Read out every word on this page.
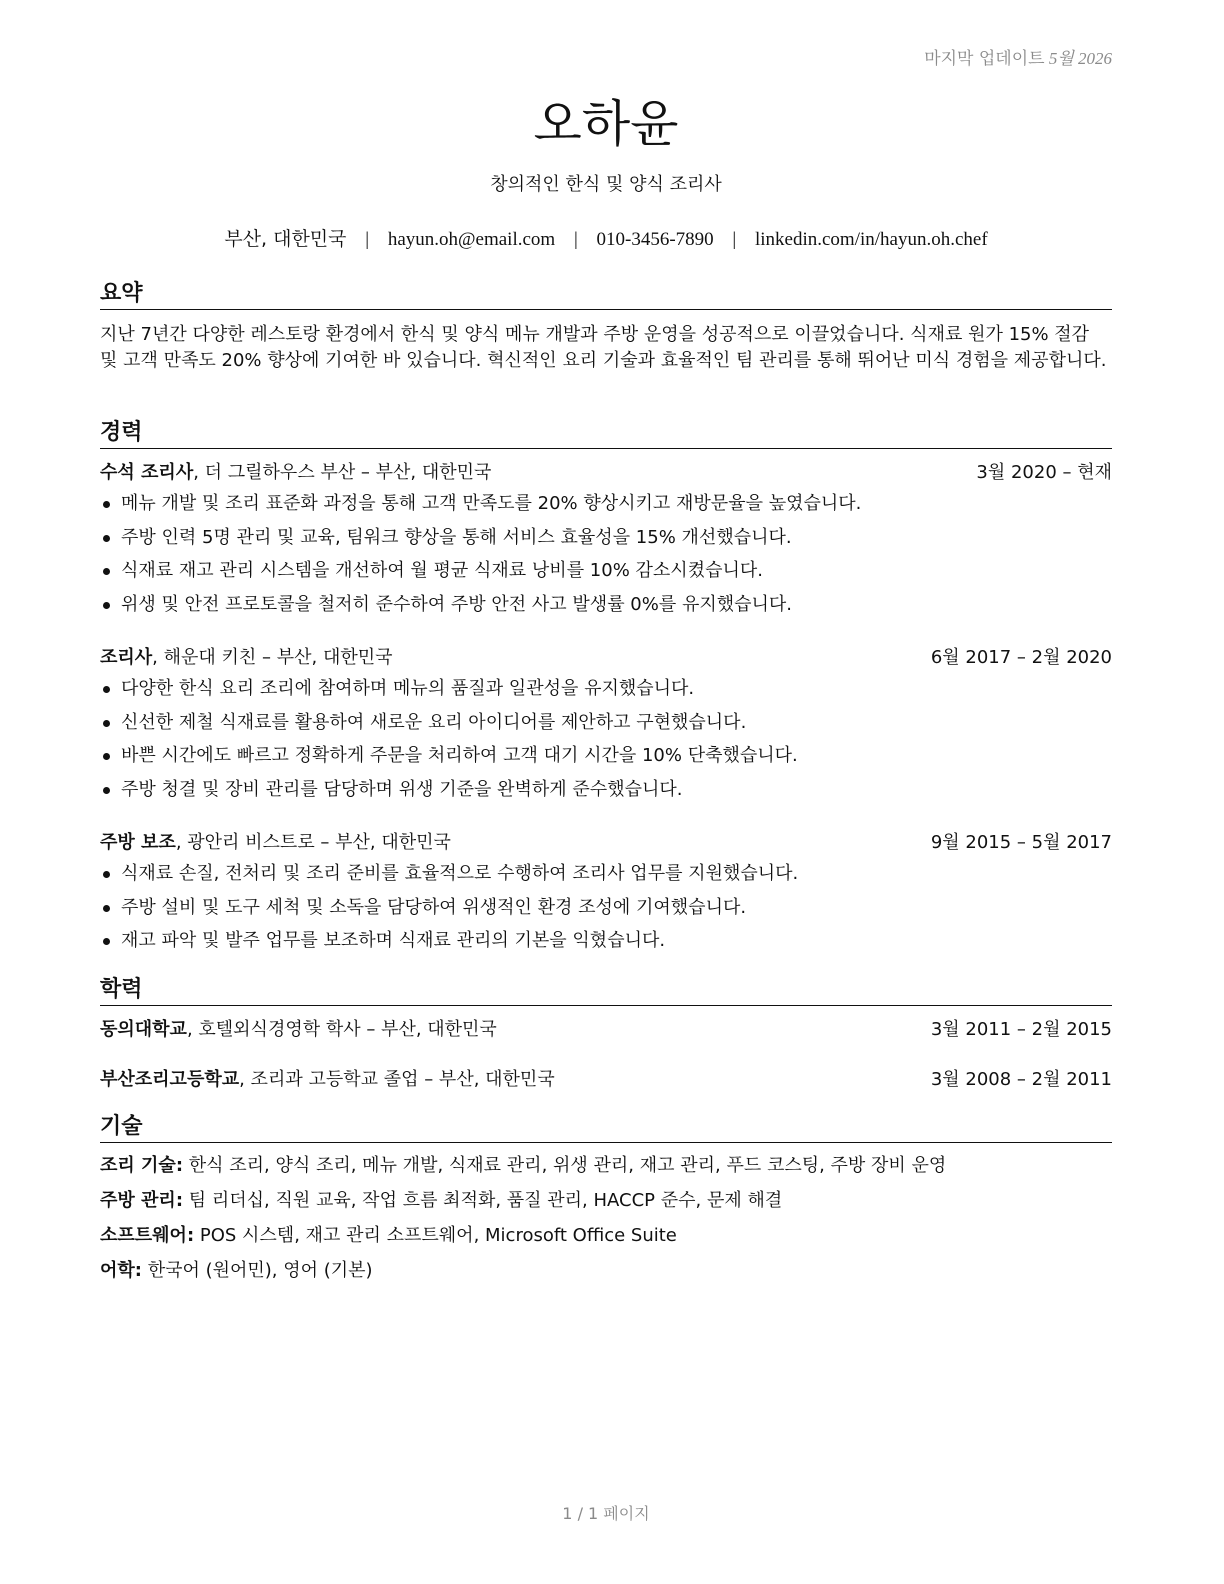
마지막 업데이트 5월 2026
오하윤
창의적인 한식 및 양식 조리사
부산, 대한민국 | hayun.oh@email.com | 010-3456-7890 | linkedin.com/in/hayun.oh.chef
요약
지난 7년간 다양한 레스토랑 환경에서 한식 및 양식 메뉴 개발과 주방 운영을 성공적으로 이끌었습니다. 식재료 원가 15% 절감 및 고객 만족도 20% 향상에 기여한 바 있습니다. 혁신적인 요리 기술과 효율적인 팀 관리를 통해 뛰어난 미식 경험을 제공합니다.
경력
수석 조리사, 더 그릴하우스 부산 – 부산, 대한민국	3월 2020 – 현재
메뉴 개발 및 조리 표준화 과정을 통해 고객 만족도를 20% 향상시키고 재방문율을 높였습니다.
주방 인력 5명 관리 및 교육, 팀워크 향상을 통해 서비스 효율성을 15% 개선했습니다.
식재료 재고 관리 시스템을 개선하여 월 평균 식재료 낭비를 10% 감소시켰습니다.
위생 및 안전 프로토콜을 철저히 준수하여 주방 안전 사고 발생률 0%를 유지했습니다.
조리사, 해운대 키친 – 부산, 대한민국	6월 2017 – 2월 2020
다양한 한식 요리 조리에 참여하며 메뉴의 품질과 일관성을 유지했습니다.
신선한 제철 식재료를 활용하여 새로운 요리 아이디어를 제안하고 구현했습니다.
바쁜 시간에도 빠르고 정확하게 주문을 처리하여 고객 대기 시간을 10% 단축했습니다.
주방 청결 및 장비 관리를 담당하며 위생 기준을 완벽하게 준수했습니다.
주방 보조, 광안리 비스트로 – 부산, 대한민국	9월 2015 – 5월 2017
식재료 손질, 전처리 및 조리 준비를 효율적으로 수행하여 조리사 업무를 지원했습니다.
주방 설비 및 도구 세척 및 소독을 담당하여 위생적인 환경 조성에 기여했습니다.
재고 파악 및 발주 업무를 보조하며 식재료 관리의 기본을 익혔습니다.
학력
동의대학교, 호텔외식경영학 학사 – 부산, 대한민국	3월 2011 – 2월 2015
부산조리고등학교, 조리과 고등학교 졸업 – 부산, 대한민국	3월 2008 – 2월 2011
기술
조리 기술: 한식 조리, 양식 조리, 메뉴 개발, 식재료 관리, 위생 관리, 재고 관리, 푸드 코스팅, 주방 장비 운영
주방 관리: 팀 리더십, 직원 교육, 작업 흐름 최적화, 품질 관리, HACCP 준수, 문제 해결
소프트웨어: POS 시스템, 재고 관리 소프트웨어, Microsoft Office Suite
어학: 한국어 (원어민), 영어 (기본)
1 / 1 페이지
